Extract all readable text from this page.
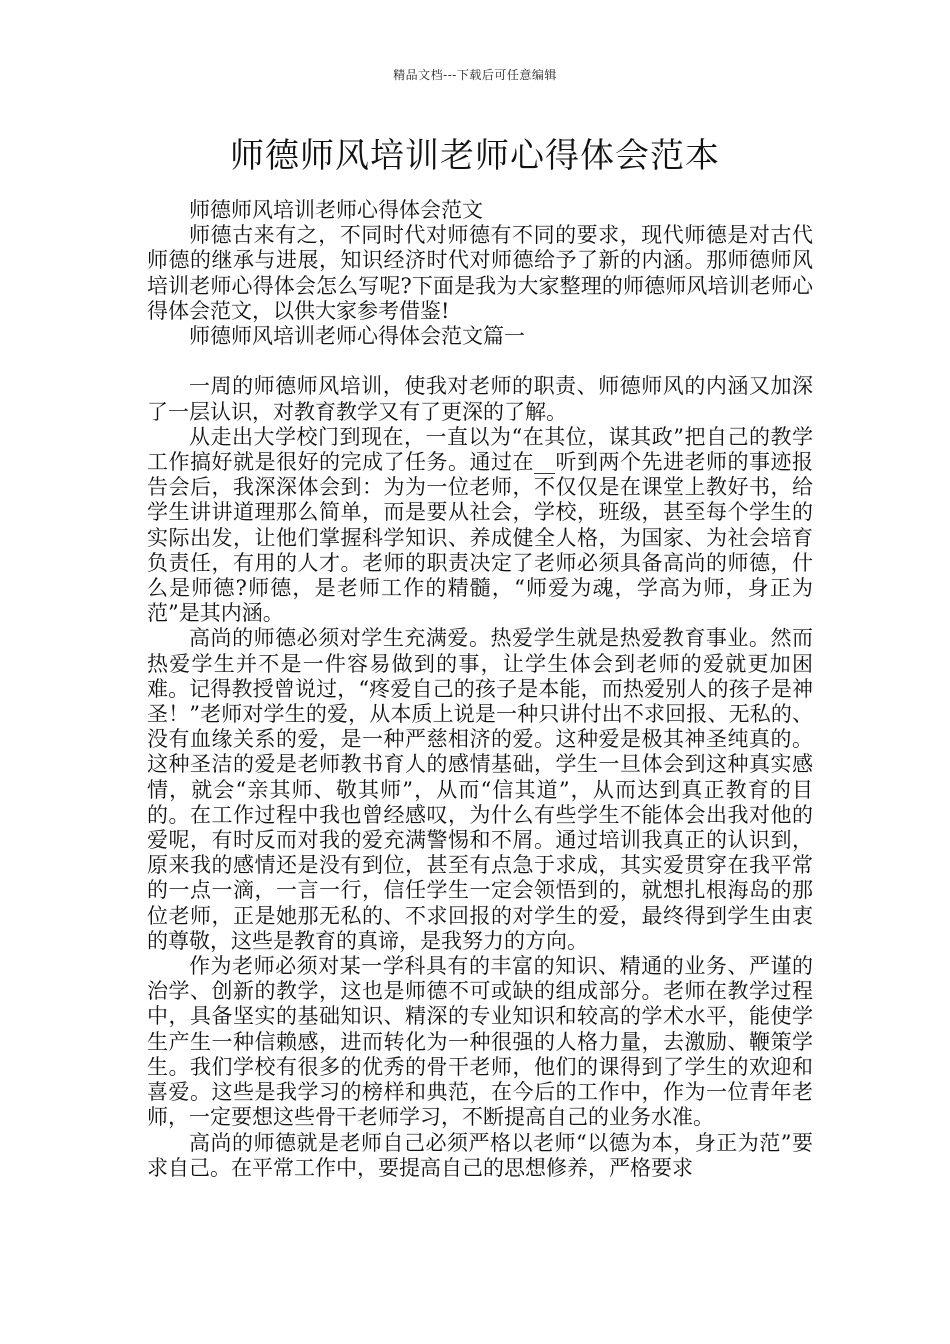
精品文档---下载后可任意编辑
师德师风培训老师心得体会范本

师德师风培训老师心得体会范文

师德古来有之，不同时代对师德有不同的要求，现代师德是对古代师德的继承与进展，知识经济时代对师德给予了新的内涵。那师德师风培训老师心得体会怎么写呢?下面是我为大家整理的师德师风培训老师心得体会范文，以供大家参考借鉴!

师德师风培训老师心得体会范文篇一

一周的师德师风培训，使我对老师的职责、师德师风的内涵又加深了一层认识，对教育教学又有了更深的了解。

从走出大学校门到现在，一直以为“在其位，谋其政”把自己的教学工作搞好就是很好的完成了任务。通过在__听到两个先进老师的事迹报告会后，我深深体会到：为为一位老师，不仅仅是在课堂上教好书，给学生讲讲道理那么简单，而是要从社会，学校，班级，甚至每个学生的实际出发，让他们掌握科学知识、养成健全人格，为国家、为社会培育负责任，有用的人才。老师的职责决定了老师必须具备高尚的师德，什么是师德?师德，是老师工作的精髓，“师爱为魂，学高为师，身正为范”是其内涵。

高尚的师德必须对学生充满爱。热爱学生就是热爱教育事业。然而热爱学生并不是一件容易做到的事，让学生体会到老师的爱就更加困难。记得教授曾说过，“疼爱自己的孩子是本能，而热爱别人的孩子是神圣！”老师对学生的爱，从本质上说是一种只讲付出不求回报、无私的、没有血缘关系的爱，是一种严慈相济的爱。这种爱是极其神圣纯真的。这种圣洁的爱是老师教书育人的感情基础，学生一旦体会到这种真实感情，就会“亲其师、敬其师”，从而“信其道”，从而达到真正教育的目的。在工作过程中我也曾经感叹，为什么有些学生不能体会出我对他的爱呢，有时反而对我的爱充满警惕和不屑。通过培训我真正的认识到，原来我的感情还是没有到位，甚至有点急于求成，其实爱贯穿在我平常的一点一滴，一言一行，信任学生一定会领悟到的，就想扎根海岛的那位老师，正是她那无私的、不求回报的对学生的爱，最终得到学生由衷的尊敬，这些是教育的真谛，是我努力的方向。

作为老师必须对某一学科具有的丰富的知识、精通的业务、严谨的治学、创新的教学，这也是师德不可或缺的组成部分。老师在教学过程中，具备坚实的基础知识、精深的专业知识和较高的学术水平，能使学生产生一种信赖感，进而转化为一种很强的人格力量，去激励、鞭策学生。我们学校有很多的优秀的骨干老师，他们的课得到了学生的欢迎和喜爱。这些是我学习的榜样和典范，在今后的工作中，作为一位青年老师，一定要想这些骨干老师学习，不断提高自己的业务水准。

高尚的师德就是老师自己必须严格以老师“以德为本，身正为范”要求自己。在平常工作中，要提高自己的思想修养，严格要求
